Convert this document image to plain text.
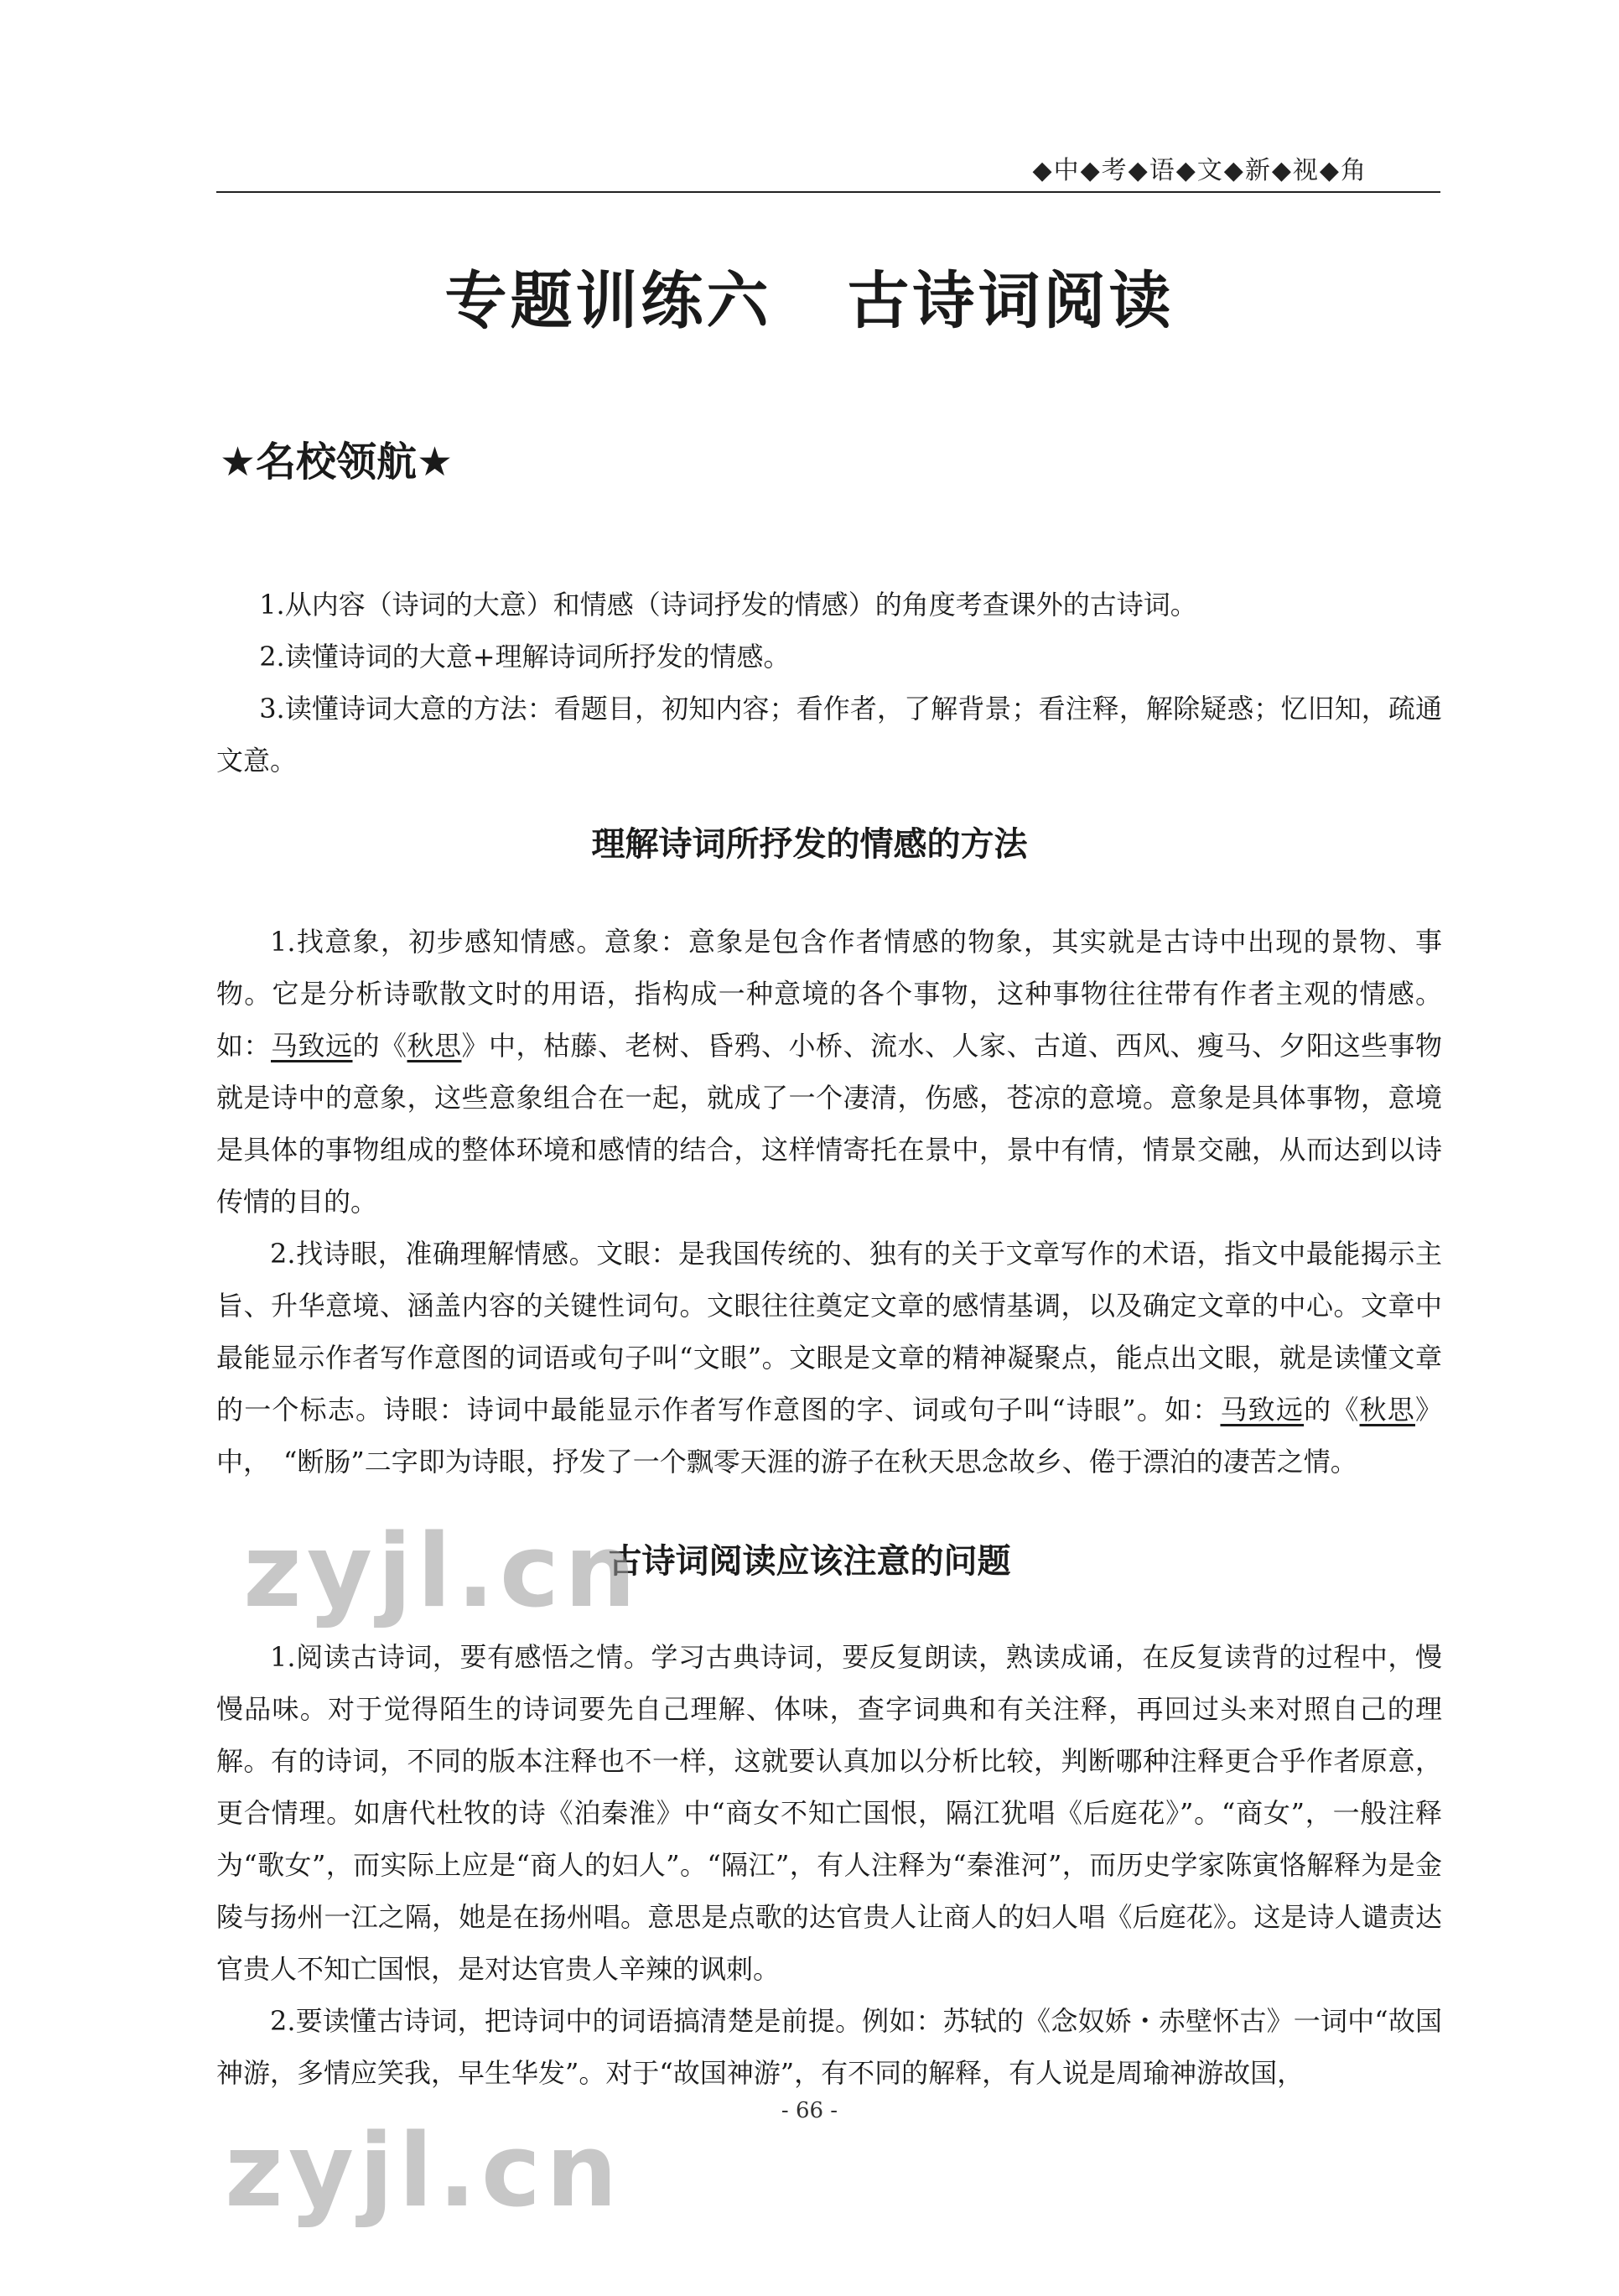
◆中◆考◆语◆文◆新◆视◆角
专题训练六 古诗词阅读
★名校领航★

1.从内容（诗词的大意）和情感（诗词抒发的情感）的角度考查课外的古诗词。

2.读懂诗词的大意+理解诗词所抒发的情感。

3.读懂诗词大意的方法：看题目，初知内容；看作者，了解背景；看注释，解除疑惑；忆旧知，疏通文意。

理解诗词所抒发的情感的方法

1.找意象，初步感知情感。意象：意象是包含作者情感的物象，其实就是古诗中出现的景物、事物。它是分析诗歌散文时的用语，指构成一种意境的各个事物，这种事物往往带有作者主观的情感。如：马致远的《秋思》中，枯藤、老树、昏鸦、小桥、流水、人家、古道、西风、瘦马、夕阳这些事物就是诗中的意象，这些意象组合在一起，就成了一个凄清，伤感，苍凉的意境。意象是具体事物，意境是具体的事物组成的整体环境和感情的结合，这样情寄托在景中，景中有情，情景交融，从而达到以诗传情的目的。

2.找诗眼，准确理解情感。文眼：是我国传统的、独有的关于文章写作的术语，指文中最能揭示主旨、升华意境、涵盖内容的关键性词句。文眼往往奠定文章的感情基调，以及确定文章的中心。文章中最能显示作者写作意图的词语或句子叫“文眼”。文眼是文章的精神凝聚点，能点出文眼，就是读懂文章的一个标志。诗眼：诗词中最能显示作者写作意图的字、词或句子叫“诗眼”。如：马致远的《秋思》中，　“断肠”二字即为诗眼，抒发了一个飘零天涯的游子在秋天思念故乡、倦于漂泊的凄苦之情。

古诗词阅读应该注意的问题

1.阅读古诗词，要有感悟之情。学习古典诗词，要反复朗读，熟读成诵，在反复读背的过程中，慢慢品味。对于觉得陌生的诗词要先自己理解、体味，查字词典和有关注释，再回过头来对照自己的理解。有的诗词，不同的版本注释也不一样，这就要认真加以分析比较，判断哪种注释更合乎作者原意，更合情理。如唐代杜牧的诗《泊秦淮》中“商女不知亡国恨，隔江犹唱《后庭花》”。“商女”，一般注释为“歌女”，而实际上应是“商人的妇人”。“隔江”，有人注释为“秦淮河”，而历史学家陈寅恪解释为是金陵与扬州一江之隔，她是在扬州唱。意思是点歌的达官贵人让商人的妇人唱《后庭花》。这是诗人谴责达官贵人不知亡国恨，是对达官贵人辛辣的讽刺。

2.要读懂古诗词，把诗词中的词语搞清楚是前提。例如：苏轼的《念奴娇・赤壁怀古》一词中“故国神游，多情应笑我，早生华发”。对于“故国神游”，有不同的解释，有人说是周瑜神游故国，

- 66 -
zyjl.cn
zyjl.cn
